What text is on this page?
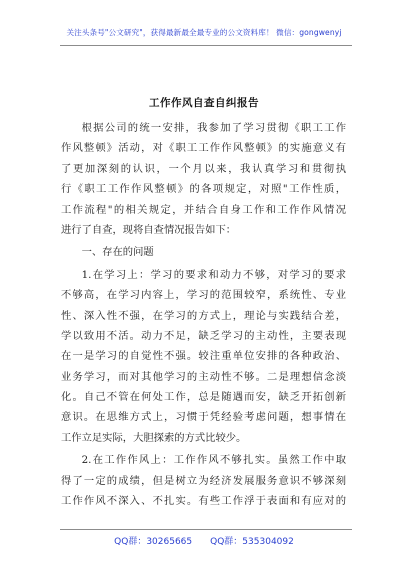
关注头条号"公文研究"，获得最新最全最专业的公文资料库！ 微信：gongwenyj
工作作风自查自纠报告
根据公司的统一安排，我参加了学习贯彻《职工工作
作风整顿》活动，对《职工工作作风整顿》的实施意义有
了更加深刻的认识，一个月以来，我认真学习和贯彻执
行《职工工作作风整顿》的各项规定，对照"工作性质，
工作流程"的相关规定，并结合自身工作和工作作风情况
进行了自查，现将自查情况报告如下：
一、存在的问题
1.在学习上：学习的要求和动力不够，对学习的要求
不够高，在学习内容上，学习的范围较窄，系统性、专业
性、深入性不强，在学习的方式上，理论与实践结合差，
学以致用不活。动力不足，缺乏学习的主动性，主要表现
在一是学习的自觉性不强。较注重单位安排的各种政治、
业务学习，而对其他学习的主动性不够。二是理想信念淡
化。自己不管在何处工作，总是随遇而安，缺乏开拓创新
意识。在思维方式上，习惯于凭经验考虑问题，想事情在
工作立足实际，大胆探索的方式比较少。
2.在工作作风上：工作作风不够扎实。虽然工作中取
得了一定的成绩，但是树立为经济发展服务意识不够深刻
工作作风不深入、不扎实。有些工作浮于表面和有应对的
QQ群：30265665 QQ群：535304092
